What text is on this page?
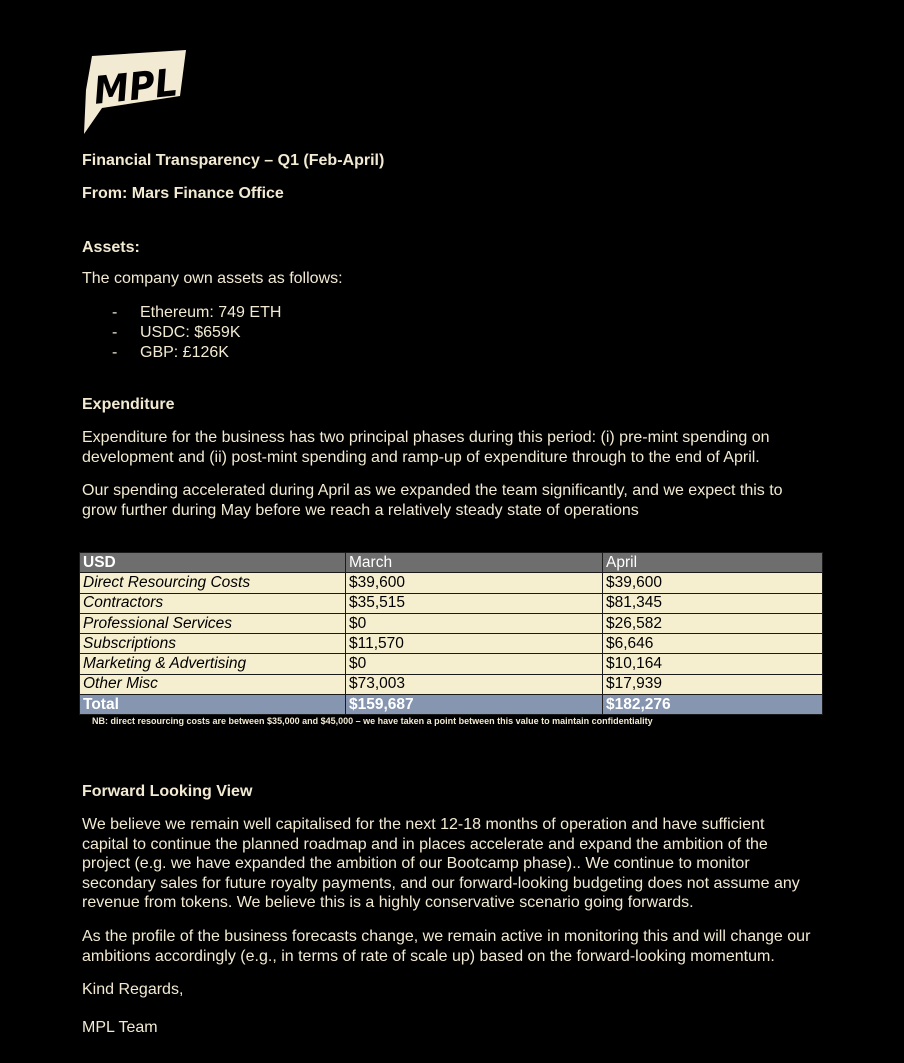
MPL
Financial Transparency – Q1 (Feb-April)
From: Mars Finance Office
Assets:
The company own assets as follows:
- Ethereum: 749 ETH
- USDC: $659K
- GBP: £126K
Expenditure
Expenditure for the business has two principal phases during this period: (i) pre-mint spending on development and (ii) post-mint spending and ramp-up of expenditure through to the end of April.
Our spending accelerated during April as we expanded the team significantly, and we expect this to grow further during May before we reach a relatively steady state of operations
USD	March	April
Direct Resourcing Costs	$39,600	$39,600
Contractors	$35,515	$81,345
Professional Services	$0	$26,582
Subscriptions	$11,570	$6,646
Marketing & Advertising	$0	$10,164
Other Misc	$73,003	$17,939
Total	$159,687	$182,276
NB: direct resourcing costs are between $35,000 and $45,000 – we have taken a point between this value to maintain confidentiality
Forward Looking View
We believe we remain well capitalised for the next 12-18 months of operation and have sufficient capital to continue the planned roadmap and in places accelerate and expand the ambition of the project (e.g. we have expanded the ambition of our Bootcamp phase).. We continue to monitor secondary sales for future royalty payments, and our forward-looking budgeting does not assume any revenue from tokens. We believe this is a highly conservative scenario going forwards.
As the profile of the business forecasts change, we remain active in monitoring this and will change our ambitions accordingly (e.g., in terms of rate of scale up) based on the forward-looking momentum.
Kind Regards,
MPL Team
